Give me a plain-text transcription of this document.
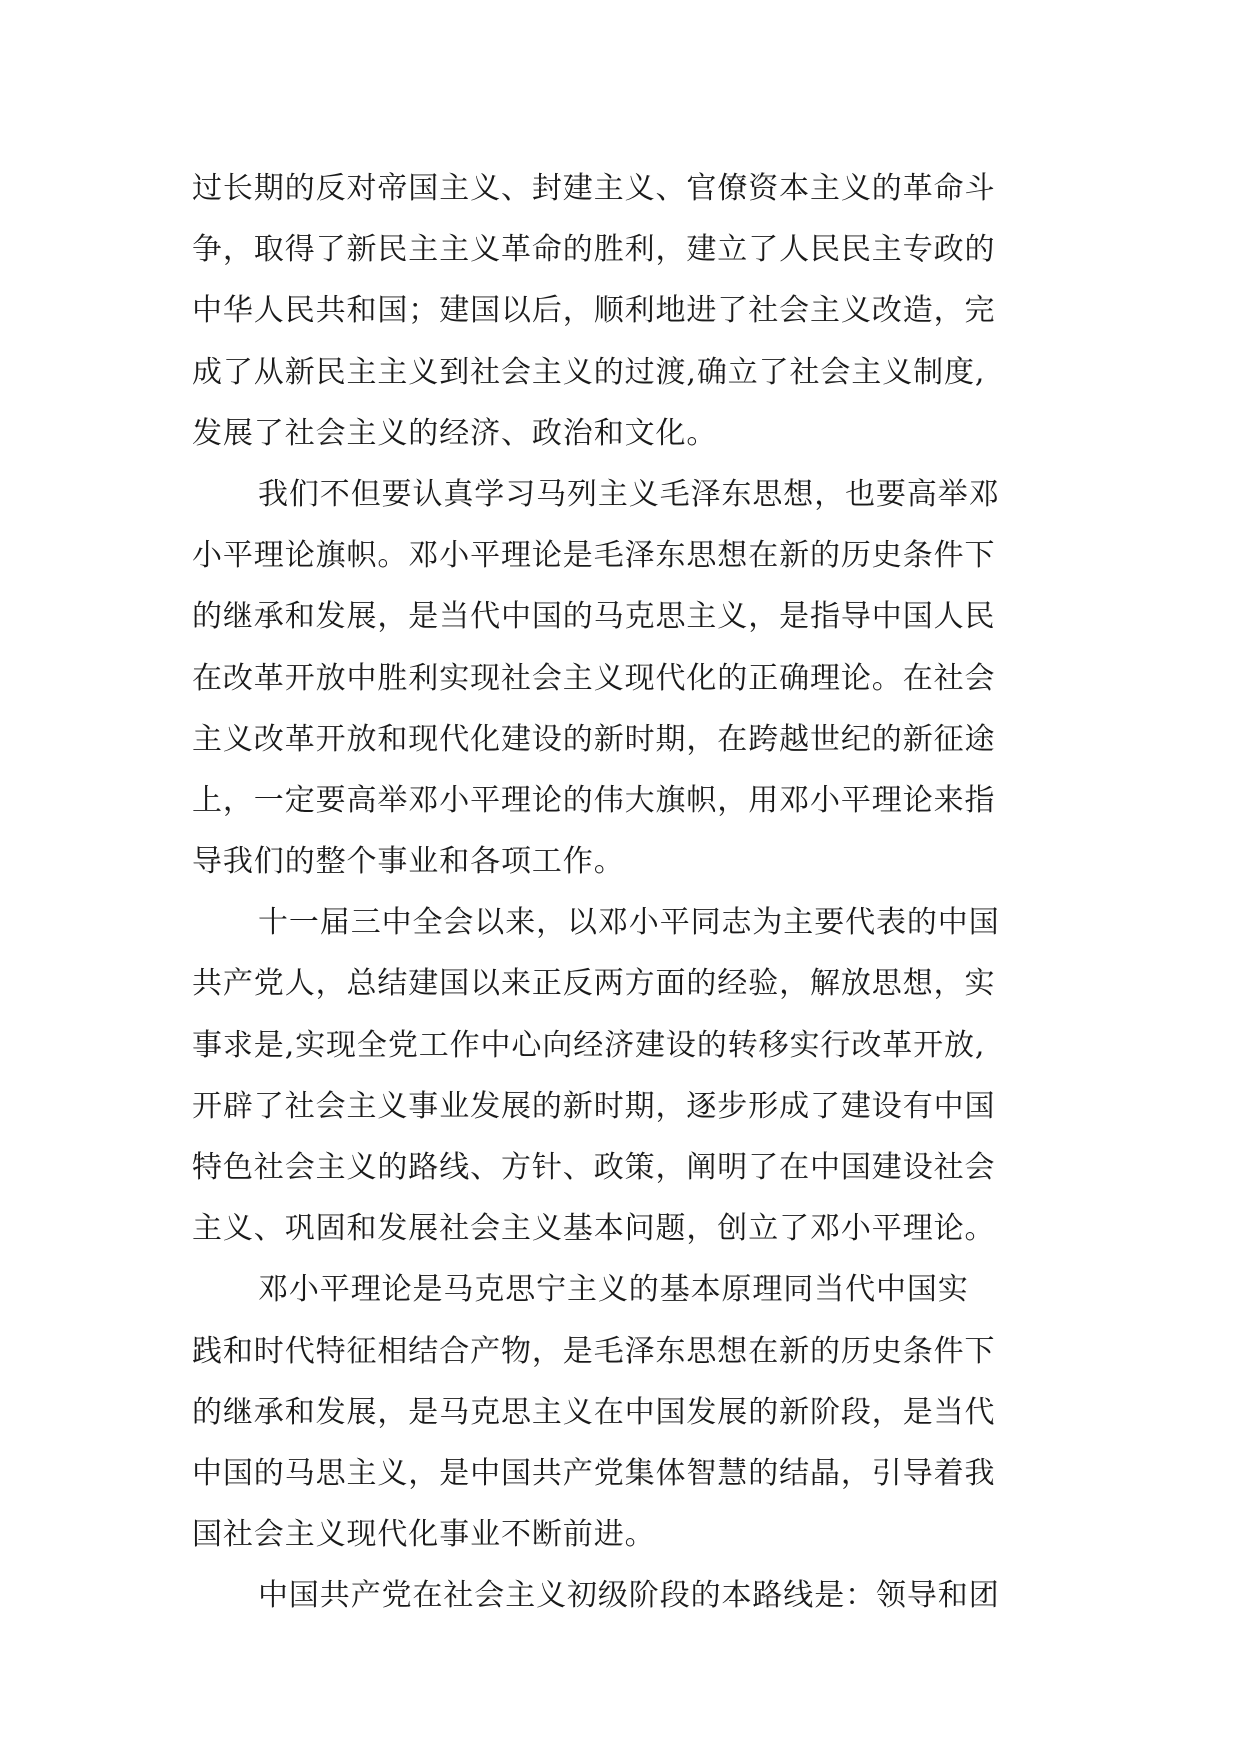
过长期的反对帝国主义、封建主义、官僚资本主义的革命斗
争，取得了新民主主义革命的胜利，建立了人民民主专政的
中华人民共和国；建国以后，顺利地进了社会主义改造，完
成了从新民主主义到社会主义的过渡,确立了社会主义制度,
发展了社会主义的经济、政治和文化。
我们不但要认真学习马列主义毛泽东思想，也要高举邓
小平理论旗帜。邓小平理论是毛泽东思想在新的历史条件下
的继承和发展，是当代中国的马克思主义，是指导中国人民
在改革开放中胜利实现社会主义现代化的正确理论。在社会
主义改革开放和现代化建设的新时期，在跨越世纪的新征途
上，一定要高举邓小平理论的伟大旗帜，用邓小平理论来指
导我们的整个事业和各项工作。
十一届三中全会以来，以邓小平同志为主要代表的中国
共产党人，总结建国以来正反两方面的经验，解放思想，实
事求是,实现全党工作中心向经济建设的转移实行改革开放,
开辟了社会主义事业发展的新时期，逐步形成了建设有中国
特色社会主义的路线、方针、政策，阐明了在中国建设社会
主义、巩固和发展社会主义基本问题，创立了邓小平理论。
邓小平理论是马克思宁主义的基本原理同当代中国实
践和时代特征相结合产物，是毛泽东思想在新的历史条件下
的继承和发展，是马克思主义在中国发展的新阶段，是当代
中国的马思主义，是中国共产党集体智慧的结晶，引导着我
国社会主义现代化事业不断前进。
中国共产党在社会主义初级阶段的本路线是：领导和团
